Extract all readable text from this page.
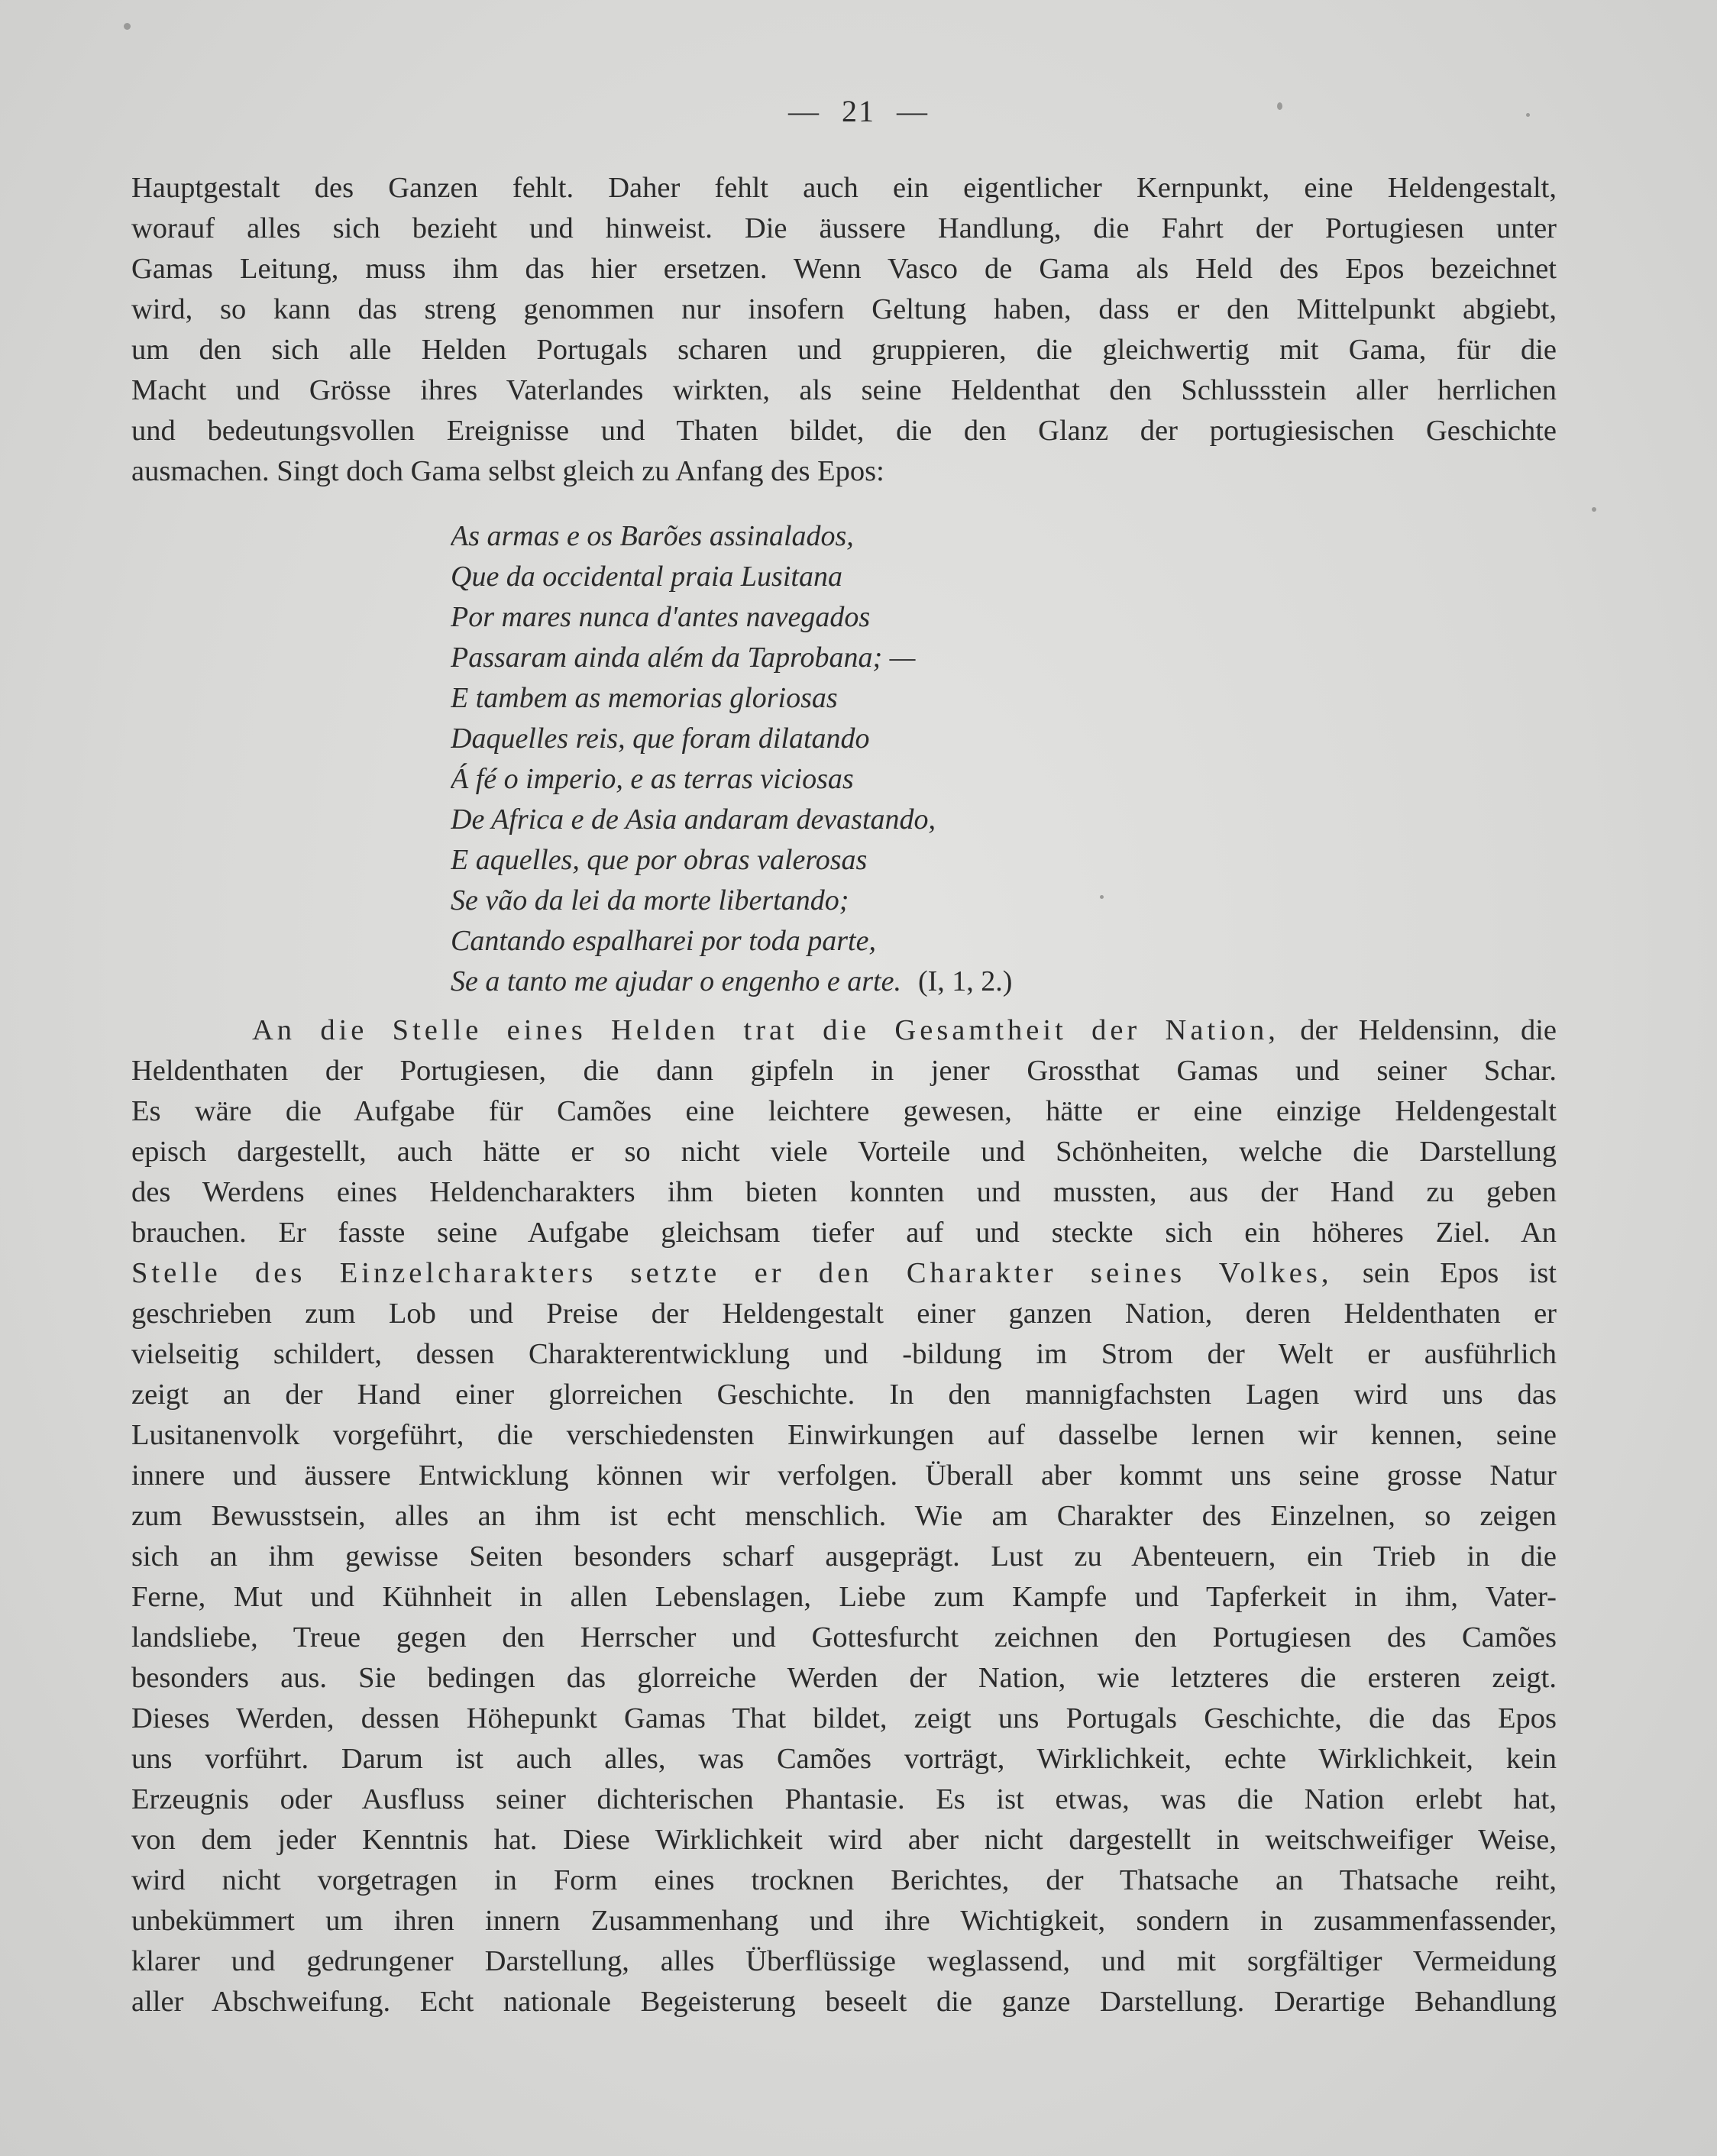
— 21 —
Hauptgestalt des Ganzen fehlt. Daher fehlt auch ein eigentlicher Kernpunkt, eine Heldengestalt,
worauf alles sich bezieht und hinweist. Die äussere Handlung, die Fahrt der Portugiesen unter
Gamas Leitung, muss ihm das hier ersetzen. Wenn Vasco de Gama als Held des Epos bezeichnet
wird, so kann das streng genommen nur insofern Geltung haben, dass er den Mittelpunkt abgiebt,
um den sich alle Helden Portugals scharen und gruppieren, die gleichwertig mit Gama, für die
Macht und Grösse ihres Vaterlandes wirkten, als seine Heldenthat den Schlussstein aller herrlichen
und bedeutungsvollen Ereignisse und Thaten bildet, die den Glanz der portugiesischen Geschichte
ausmachen. Singt doch Gama selbst gleich zu Anfang des Epos:
As armas e os Barões assinalados,
Que da occidental praia Lusitana
Por mares nunca d'antes navegados
Passaram ainda além da Taprobana; —
E tambem as memorias gloriosas
Daquelles reis, que foram dilatando
Á fé o imperio, e as terras viciosas
De Africa e de Asia andaram devastando,
E aquelles, que por obras valerosas
Se vão da lei da morte libertando;
Cantando espalharei por toda parte,
Se a tanto me ajudar o engenho e arte. (I, 1, 2.)
An die Stelle eines Helden trat die Gesamtheit der Nation, der Heldensinn, die
Heldenthaten der Portugiesen, die dann gipfeln in jener Grossthat Gamas und seiner Schar.
Es wäre die Aufgabe für Camões eine leichtere gewesen, hätte er eine einzige Heldengestalt
episch dargestellt, auch hätte er so nicht viele Vorteile und Schönheiten, welche die Darstellung
des Werdens eines Heldencharakters ihm bieten konnten und mussten, aus der Hand zu geben
brauchen. Er fasste seine Aufgabe gleichsam tiefer auf und steckte sich ein höheres Ziel. An
Stelle des Einzelcharakters setzte er den Charakter seines Volkes, sein Epos ist
geschrieben zum Lob und Preise der Heldengestalt einer ganzen Nation, deren Heldenthaten er
vielseitig schildert, dessen Charakterentwicklung und -bildung im Strom der Welt er ausführlich
zeigt an der Hand einer glorreichen Geschichte. In den mannigfachsten Lagen wird uns das
Lusitanenvolk vorgeführt, die verschiedensten Einwirkungen auf dasselbe lernen wir kennen, seine
innere und äussere Entwicklung können wir verfolgen. Überall aber kommt uns seine grosse Natur
zum Bewusstsein, alles an ihm ist echt menschlich. Wie am Charakter des Einzelnen, so zeigen
sich an ihm gewisse Seiten besonders scharf ausgeprägt. Lust zu Abenteuern, ein Trieb in die
Ferne, Mut und Kühnheit in allen Lebenslagen, Liebe zum Kampfe und Tapferkeit in ihm, Vater-
landsliebe, Treue gegen den Herrscher und Gottesfurcht zeichnen den Portugiesen des Camões
besonders aus. Sie bedingen das glorreiche Werden der Nation, wie letzteres die ersteren zeigt.
Dieses Werden, dessen Höhepunkt Gamas That bildet, zeigt uns Portugals Geschichte, die das Epos
uns vorführt. Darum ist auch alles, was Camões vorträgt, Wirklichkeit, echte Wirklichkeit, kein
Erzeugnis oder Ausfluss seiner dichterischen Phantasie. Es ist etwas, was die Nation erlebt hat,
von dem jeder Kenntnis hat. Diese Wirklichkeit wird aber nicht dargestellt in weitschweifiger Weise,
wird nicht vorgetragen in Form eines trocknen Berichtes, der Thatsache an Thatsache reiht,
unbekümmert um ihren innern Zusammenhang und ihre Wichtigkeit, sondern in zusammenfassender,
klarer und gedrungener Darstellung, alles Überflüssige weglassend, und mit sorgfältiger Vermeidung
aller Abschweifung. Echt nationale Begeisterung beseelt die ganze Darstellung. Derartige Behandlung
